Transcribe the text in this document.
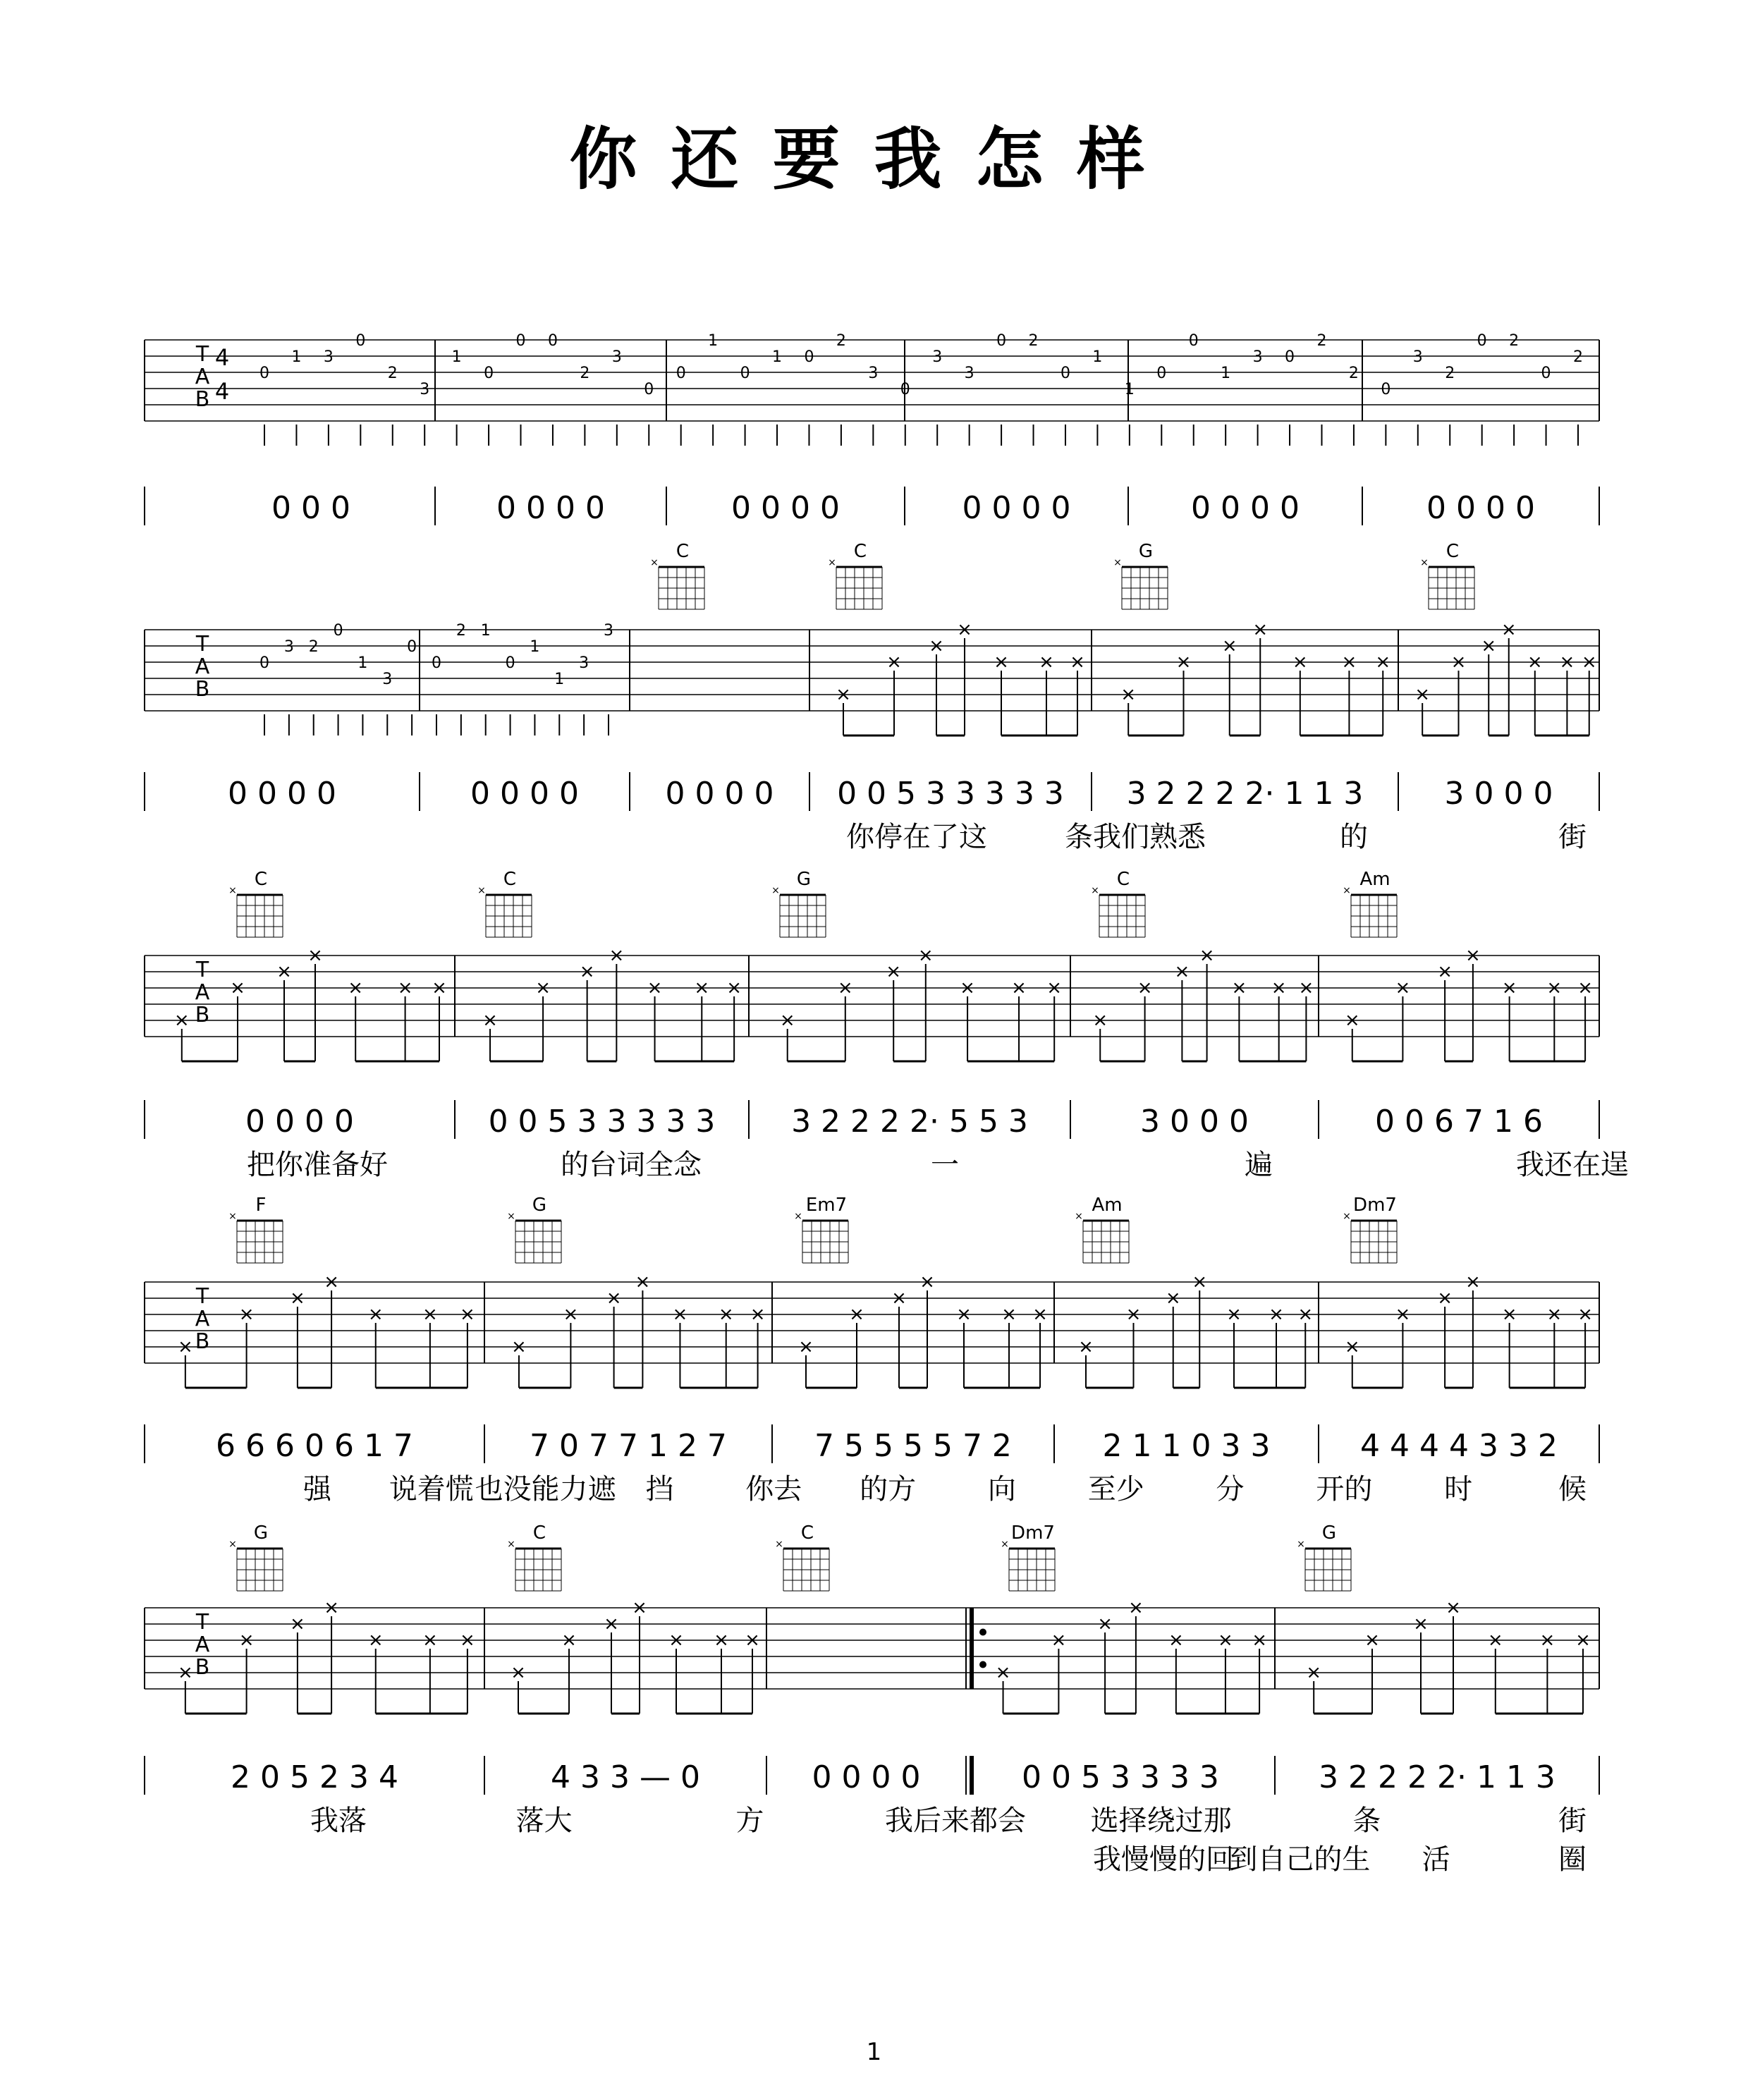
你还要我怎样
T
A
B
4
4
0
1 3
0
2
3
1
0
0 0
2
3
0
0
1
0
1 0
2
3
0
3
3
0 2
0
1
1
0
0
1
3 0
2
2
0
3
2
0 2
0
2
0 0 0	0 0 0 0	0 0 0 0	0 0 0 0	0 0 0 0	0 0 0 0
T
A
B
C
×
C
×
G
×
C
×
×
×
×
×
× × ×
×
×
×
×
× × ×
×
×
×
×
× × ×
0
3 2
0
1
3
0
0
2 1
0
1
1
3
3
0 0 0 0	0 0 0 0	0 0 0 0 0 0 5 3 3 3 3 3 3 2 2 2 2· 1 1 3	3 0 0 0
你停在了这	条我们熟悉	的	街
T
A
B
C
×
C
×
G
×
C
×
Am
×
×
×
×
×
× × ×
×
×
×
×
× × ×
×
×
×
×
× × ×
×
×
×
×
× × ×
×
×
×
×
× × ×
0 0 0 0	0 0 5 3 3 3 3 3 3 2 2 2 2· 5 5 3	3 0 0 0	0 0 6 7 1 6
把你准备好	的台词全念	一	遍	我还在逞
T
A
B
F
×
G
×
Em7
×
Am
×
Dm7
×
×
×
×
×
× × ×
×
×
×
×
× × ×
×
×
×
×
× × ×
×
×
×
×
× × ×
×
×
×
×
× × ×
6 6 6 0 6 1 7	7 0 7 7 1 2 7	7 5 5 5 5 7 2	2 1 1 0 3 3	4 4 4 4 3 3 2
强 说着慌 也没能力遮 挡	你去 的方	向	至少	分	开的	时	候
T
A
B
G
×
C
×
C
×
Dm7
×
G
×
×
×
×
×
× × ×
×
×
×
×
× × ×
×
×
×
×
× × ×
×
×
×
×
× × ×
2 0 5 2 3 4	4 3 3 — 0	0 0 0 0	0 0 5 3 3 3 3	3 2 2 2 2· 1 1 3
我落	落大	方	我后来都会 选择绕过那	条	街
我慢慢的回
到自己的生 活	圈
1
